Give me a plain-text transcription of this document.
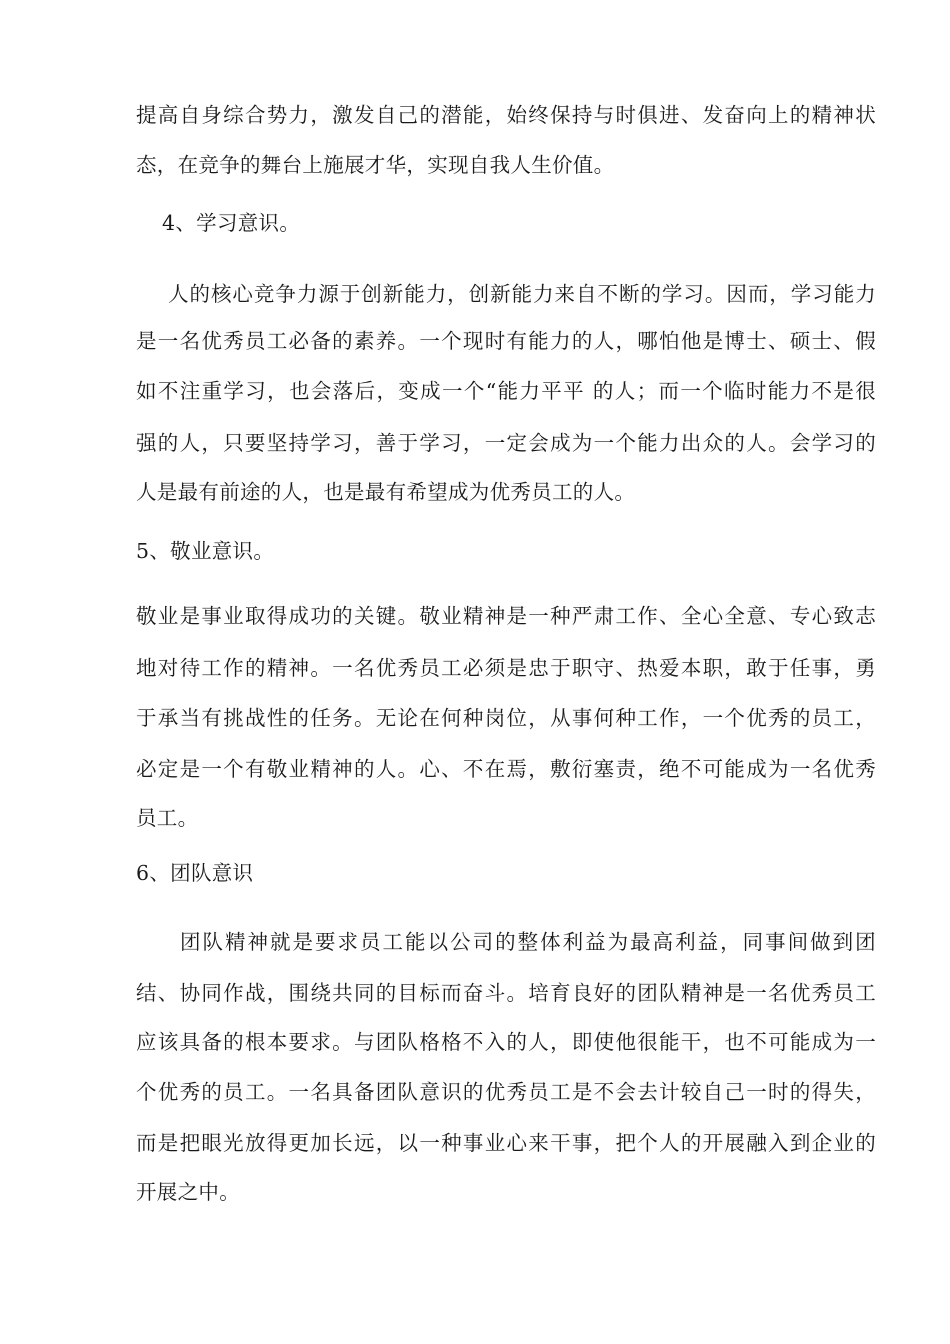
提高自身综合势力，激发自己的潜能，始终保持与时俱进、发奋向上的精神状
态，在竞争的舞台上施展才华，实现自我人生价值。
4、学习意识。
人的核心竞争力源于创新能力，创新能力来自不断的学习。因而，学习能力
是一名优秀员工必备的素养。一个现时有能力的人，哪怕他是博士、硕士、假
如不注重学习，也会落后，变成一个“能力平平 的人；而一个临时能力不是很
强的人，只要坚持学习，善于学习，一定会成为一个能力出众的人。会学习的
人是最有前途的人，也是最有希望成为优秀员工的人。
5、敬业意识。
敬业是事业取得成功的关键。敬业精神是一种严肃工作、全心全意、专心致志
地对待工作的精神。一名优秀员工必须是忠于职守、热爱本职，敢于任事，勇
于承当有挑战性的任务。无论在何种岗位，从事何种工作，一个优秀的员工，
必定是一个有敬业精神的人。心、不在焉，敷衍塞责，绝不可能成为一名优秀
员工。
6、团队意识
团队精神就是要求员工能以公司的整体利益为最高利益，同事间做到团
结、协同作战，围绕共同的目标而奋斗。培育良好的团队精神是一名优秀员工
应该具备的根本要求。与团队格格不入的人，即使他很能干，也不可能成为一
个优秀的员工。一名具备团队意识的优秀员工是不会去计较自己一时的得失，
而是把眼光放得更加长远，以一种事业心来干事，把个人的开展融入到企业的
开展之中。
